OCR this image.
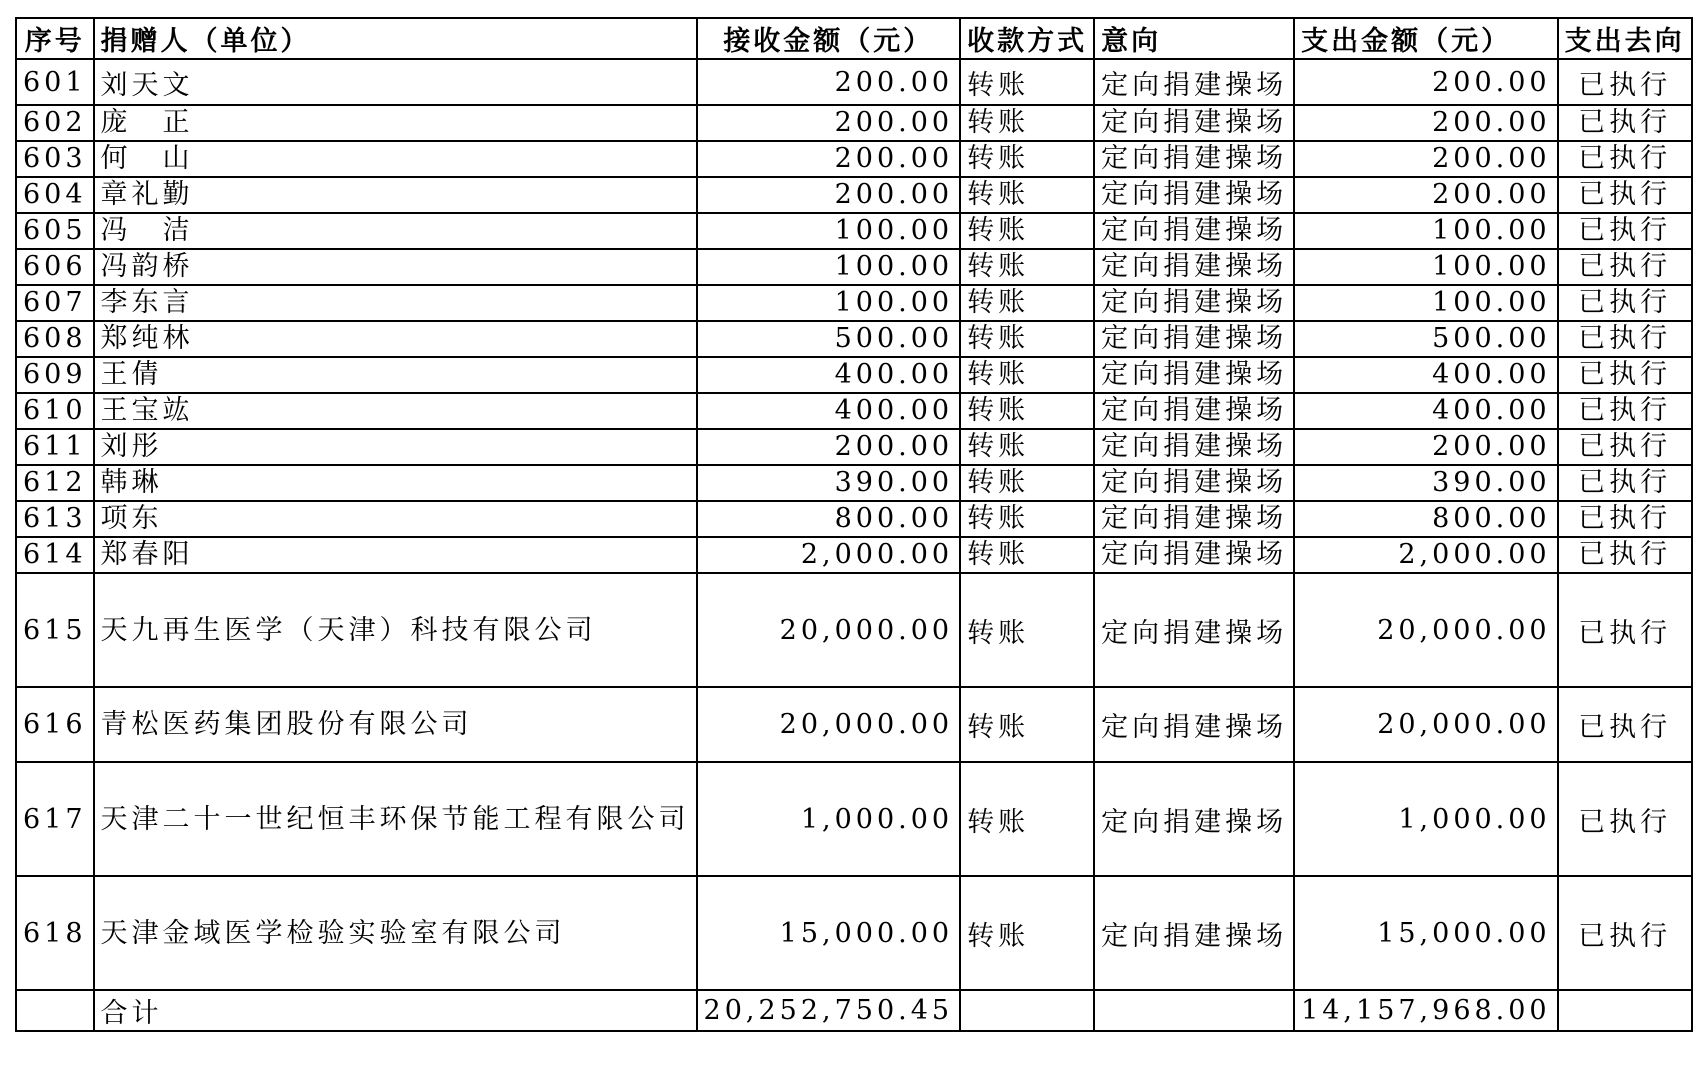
序号	捐赠人（单位）	接收金额（元）	收款方式	意向	支出金额（元）	支出去向
601	刘天文	200.00	转账	定向捐建操场	200.00	已执行
602	庞　正	200.00	转账	定向捐建操场	200.00	已执行
603	何　山	200.00	转账	定向捐建操场	200.00	已执行
604	章礼勤	200.00	转账	定向捐建操场	200.00	已执行
605	冯　洁	100.00	转账	定向捐建操场	100.00	已执行
606	冯韵桥	100.00	转账	定向捐建操场	100.00	已执行
607	李东言	100.00	转账	定向捐建操场	100.00	已执行
608	郑纯林	500.00	转账	定向捐建操场	500.00	已执行
609	王倩	400.00	转账	定向捐建操场	400.00	已执行
610	王宝竑	400.00	转账	定向捐建操场	400.00	已执行
611	刘彤	200.00	转账	定向捐建操场	200.00	已执行
612	韩琳	390.00	转账	定向捐建操场	390.00	已执行
613	项东	800.00	转账	定向捐建操场	800.00	已执行
614	郑春阳	2,000.00	转账	定向捐建操场	2,000.00	已执行
615	天九再生医学（天津）科技有限公司	20,000.00	转账	定向捐建操场	20,000.00	已执行
616	青松医药集团股份有限公司	20,000.00	转账	定向捐建操场	20,000.00	已执行
617	天津二十一世纪恒丰环保节能工程有限公司	1,000.00	转账	定向捐建操场	1,000.00	已执行
618	天津金域医学检验实验室有限公司	15,000.00	转账	定向捐建操场	15,000.00	已执行
	合计	20,252,750.45			14,157,968.00	
